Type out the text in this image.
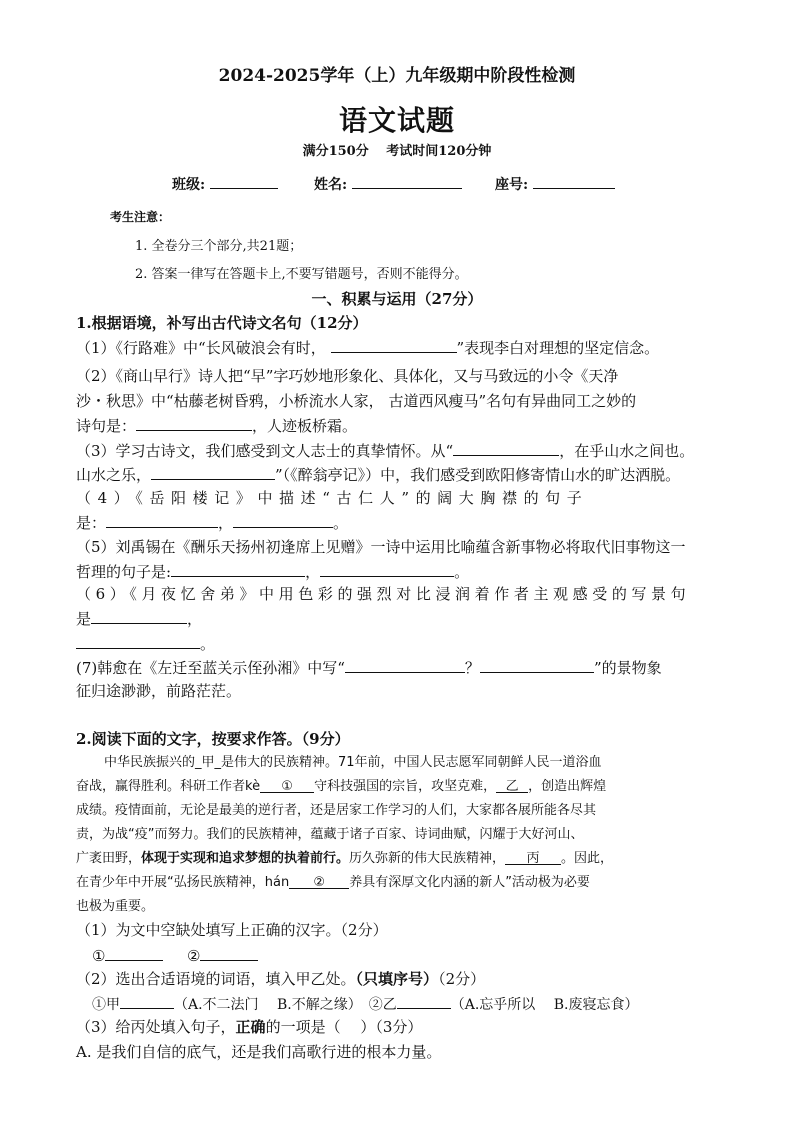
2024-2025学年（上）九年级期中阶段性检测
语文试题
满分150分　 考试时间120分钟
班级:	姓名:	座号:
考生注意：
1. 全卷分三个部分,共21题；
2. 答案一律写在答题卡上,不要写错题号，否则不能得分。
一、积累与运用（27分）
1.根据语境，补写出古代诗文名句（12分）
（1）《行路难》中“长风破浪会有时，	”表现李白对理想的坚定信念。
（2）《商山早行》诗人把“早”字巧妙地形象化、具体化，又与马致远的小令《天净
沙・秋思》中“枯藤老树昏鸦，小桥流水人家， 古道西风瘦马”名句有异曲同工之妙的
诗句是：	，人迹板桥霜。
（3）学习古诗文，我们感受到文人志士的真挚情怀。从“	，在乎山水之间也。
山水之乐，	”（《醉翁亭记》）中，我们感受到欧阳修寄情山水的旷达洒脱。
（4）《岳阳楼记》中描述“古仁人”的阔大胸襟的句子
是：	，	。
（5）刘禹锡在《酬乐天扬州初逢席上见赠》一诗中运用比喻蕴含新事物必将取代旧事物这一
哲理的句子是:	，	。
（6）《月夜忆舍弟》中用色彩的强烈对比浸润着作者主观感受的写景句
是	，
。
(7)韩愈在《左迁至蓝关示侄孙湘》中写“	？	”的景物象
征归途渺渺，前路茫茫。
2.阅读下面的文字，按要求作答。（9分）
中华民族振兴的_甲_是伟大的民族精神。71年前，中国人民志愿军同朝鲜人民一道浴血
奋战，赢得胜利。科研工作者kè ① 守科技强国的宗旨，攻坚克难， 乙 ，创造出辉煌
成绩。疫情面前，无论是最美的逆行者，还是居家工作学习的人们，大家都各展所能各尽其
责，为战“疫”而努力。我们的民族精神，蕴藏于诸子百家、诗词曲赋，闪耀于大好河山、
广袤田野，体现于实现和追求梦想的执着前行。历久弥新的伟大民族精神， 丙 。因此，
在青少年中开展“弘扬民族精神，hán ② 养具有深厚文化内涵的新人”活动极为必要
也极为重要。
（1）为文中空缺处填写上正确的汉字。（2分）
①	②
（2）选出合适语境的词语，填入甲乙处。（只填序号）（2分）
①甲	（A.不二法门　 B.不解之缘）　②乙	（A.忘乎所以　 B.废寝忘食）
（3）给丙处填入句子，正确的一项是（　 ）（3分）
A. 是我们自信的底气，还是我们高歌行进的根本力量。
